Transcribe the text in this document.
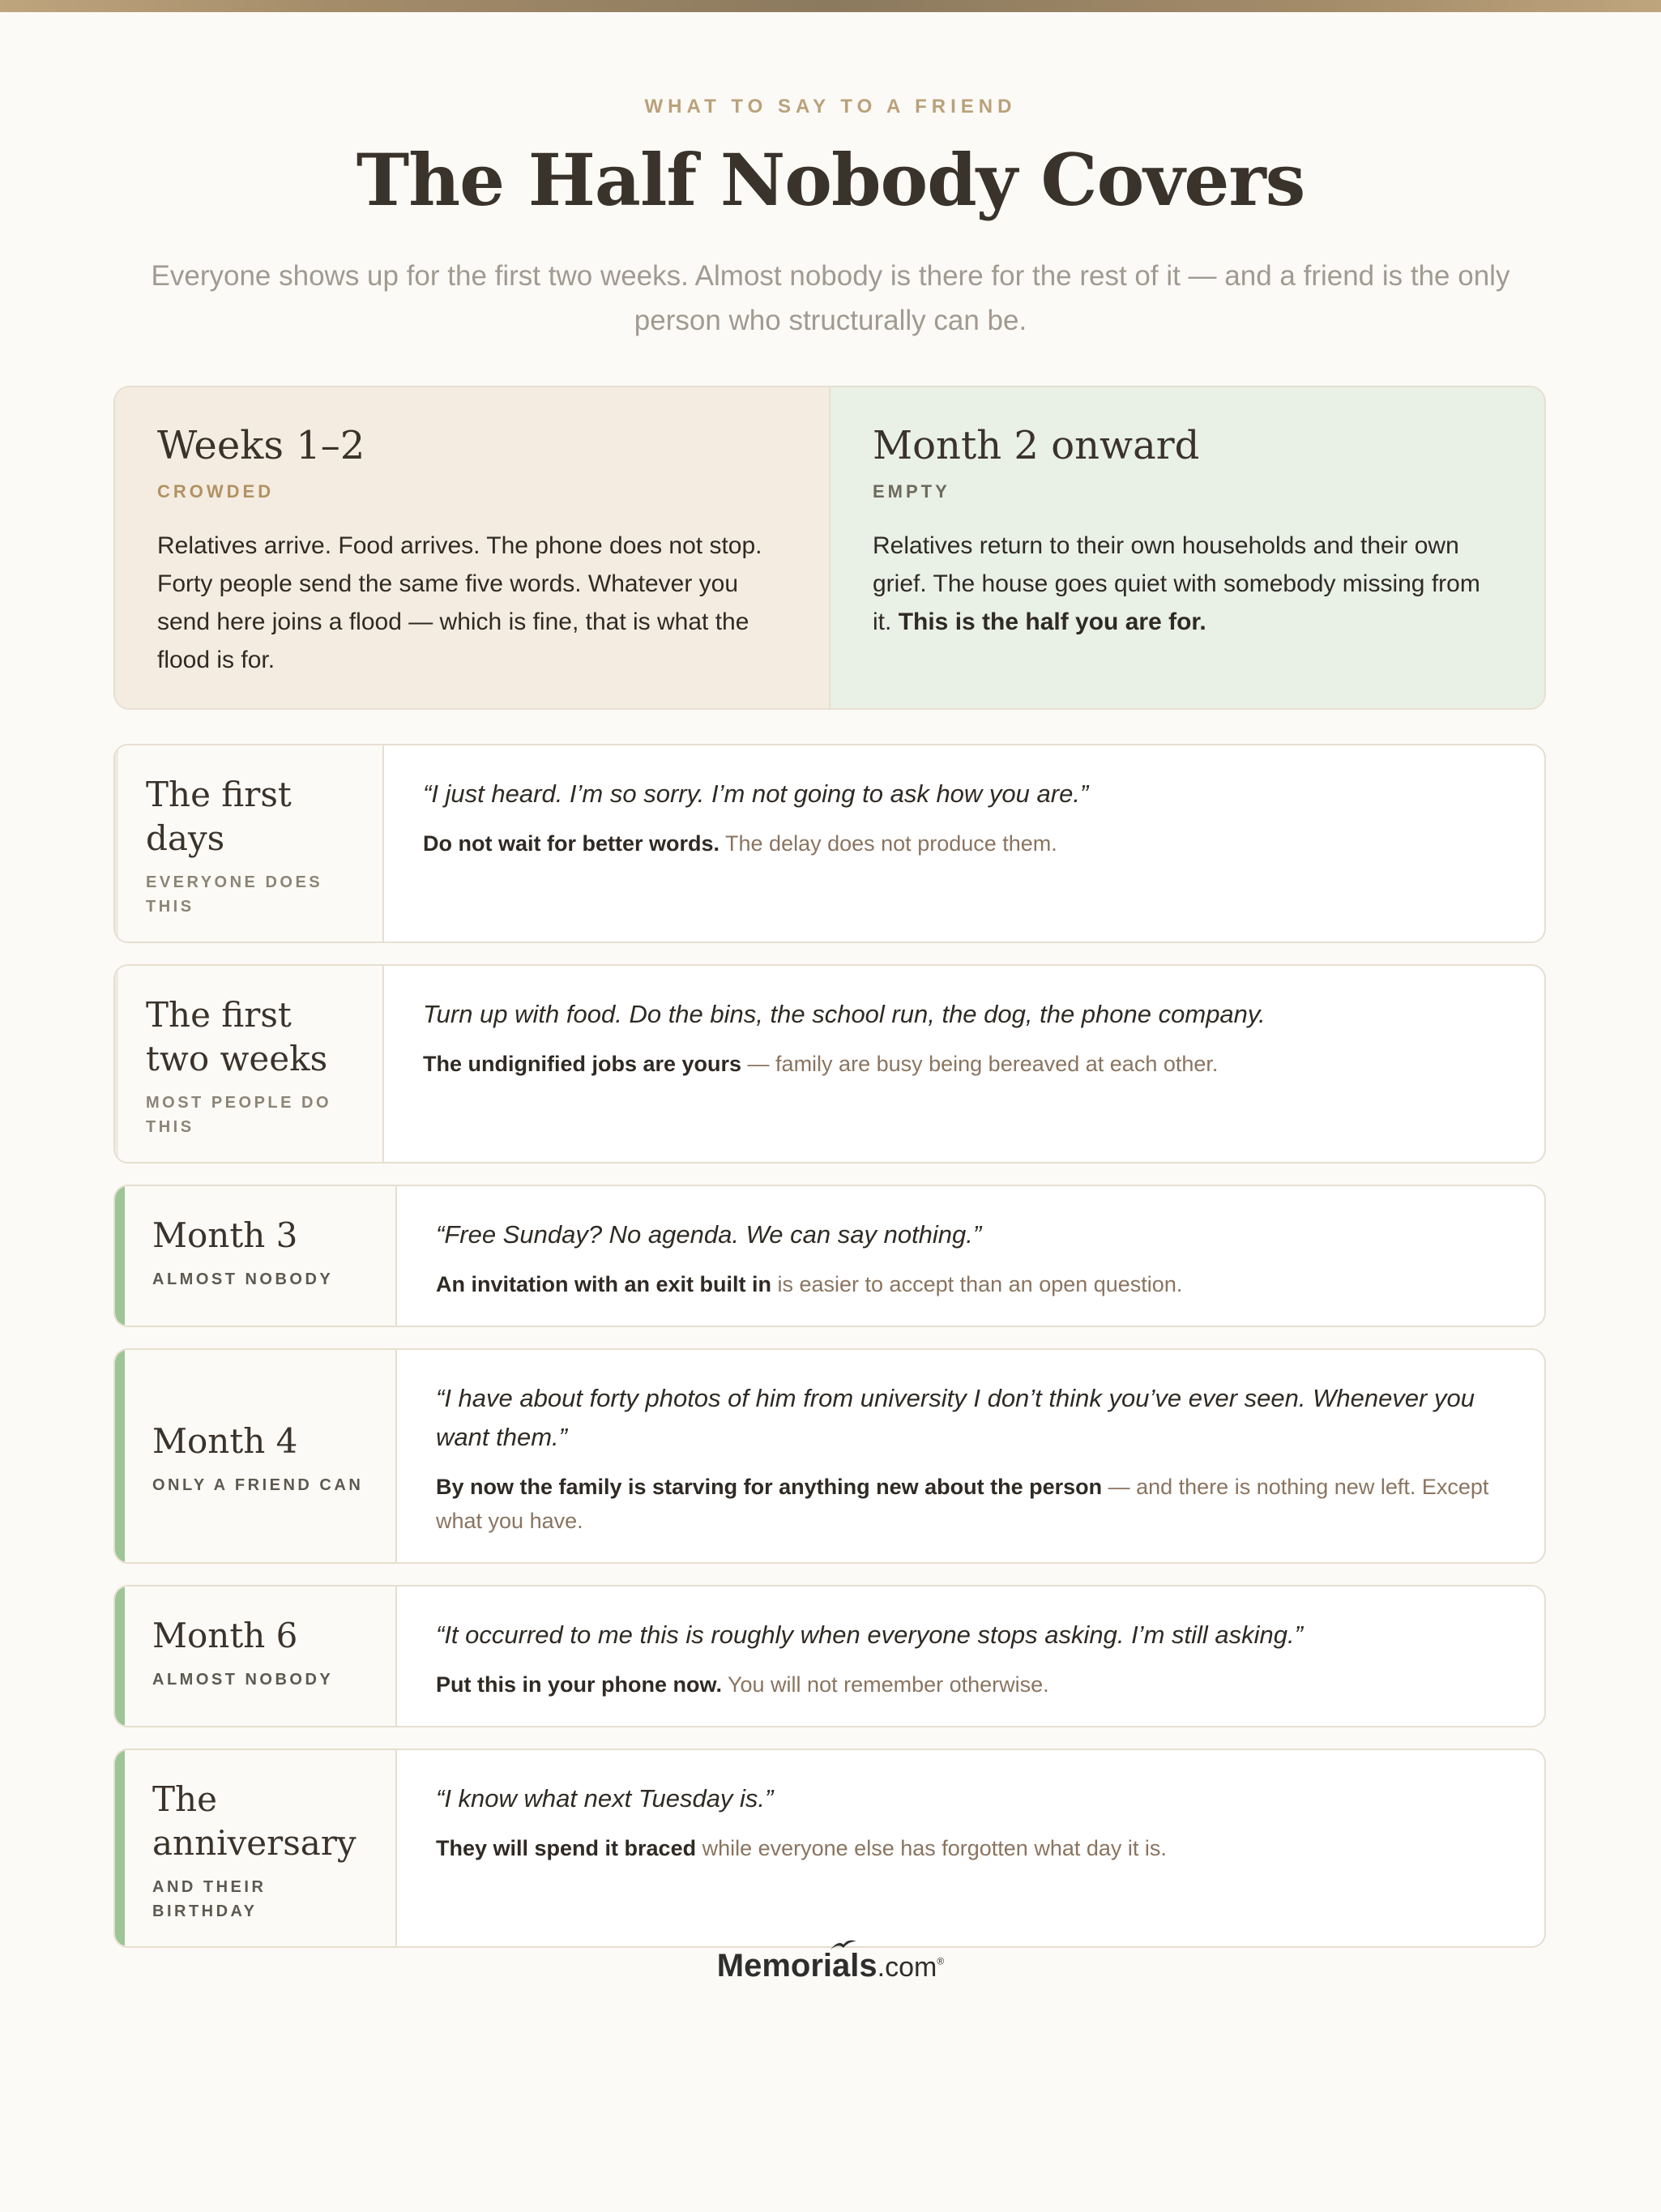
WHAT TO SAY TO A FRIEND
The Half Nobody Covers

Everyone shows up for the first two weeks. Almost nobody is there for the rest of it — and a friend is the only person who structurally can be.

Weeks 1–2
CROWDED

Relatives arrive. Food arrives. The phone does not stop. Forty people send the same five words. Whatever you send here joins a flood — which is fine, that is what the flood is for.

Month 2 onward
EMPTY

Relatives return to their own households and their own grief. The house goes quiet with somebody missing from it. This is the half you are for.

The first days
EVERYONE DOES THIS

“I just heard. I’m so sorry. I’m not going to ask how you are.”

Do not wait for better words. The delay does not produce them.

The first two weeks
MOST PEOPLE DO THIS

Turn up with food. Do the bins, the school run, the dog, the phone company.

The undignified jobs are yours — family are busy being bereaved at each other.

Month 3
ALMOST NOBODY

“Free Sunday? No agenda. We can say nothing.”

An invitation with an exit built in is easier to accept than an open question.

Month 4
ONLY A FRIEND CAN

“I have about forty photos of him from university I don’t think you’ve ever seen. Whenever you want them.”

By now the family is starving for anything new about the person — and there is nothing new left. Except what you have.

Month 6
ALMOST NOBODY

“It occurred to me this is roughly when everyone stops asking. I’m still asking.”

Put this in your phone now. You will not remember otherwise.

The anniversary
AND THEIR BIRTHDAY

“I know what next Tuesday is.”

They will spend it braced while everyone else has forgotten what day it is.

Memorials.com®
